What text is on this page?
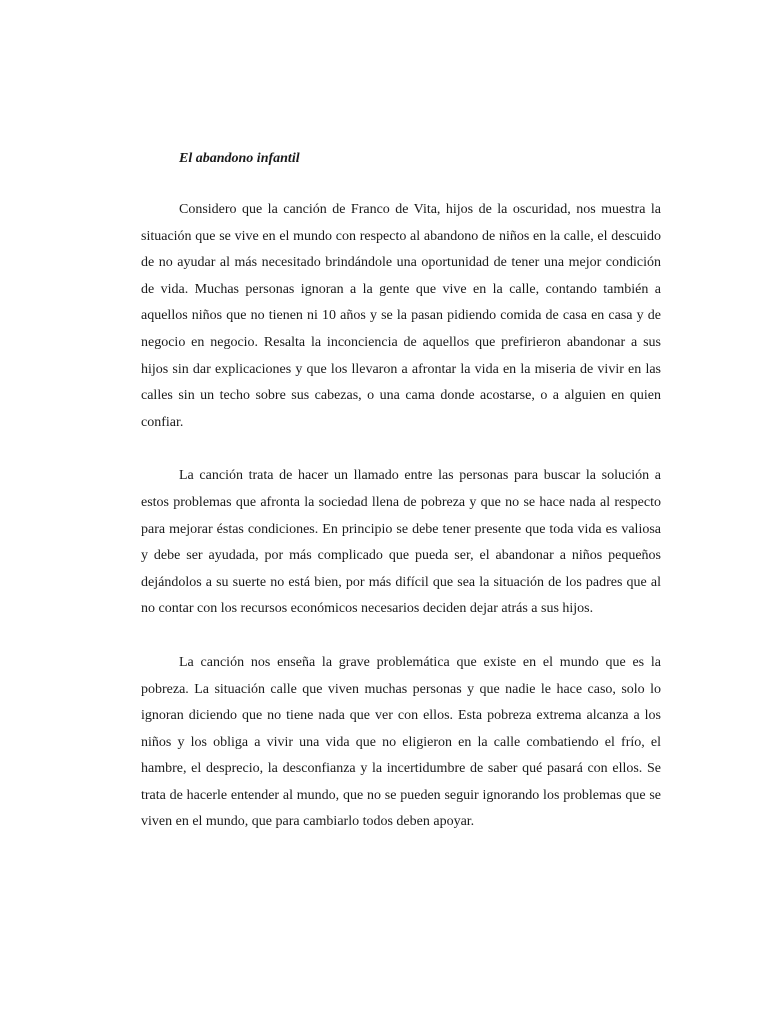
El abandono infantil

Considero que la canción de Franco de Vita, hijos de la oscuridad, nos muestra la situación que se vive en el mundo con respecto al abandono de niños en la calle, el descuido de no ayudar al más necesitado brindándole una oportunidad de tener una mejor condición de vida. Muchas personas ignoran a la gente que vive en la calle, contando también a aquellos niños que no tienen ni 10 años y se la pasan pidiendo comida de casa en casa y de negocio en negocio. Resalta la inconciencia de aquellos que prefirieron abandonar a sus hijos sin dar explicaciones y que los llevaron a afrontar la vida en la miseria de vivir en las calles sin un techo sobre sus cabezas, o una cama donde acostarse, o a alguien en quien confiar.

La canción trata de hacer un llamado entre las personas para buscar la solución a estos problemas que afronta la sociedad llena de pobreza y que no se hace nada al respecto para mejorar éstas condiciones. En principio se debe tener presente que toda vida es valiosa y debe ser ayudada, por más complicado que pueda ser, el abandonar a niños pequeños dejándolos a su suerte no está bien, por más difícil que sea la situación de los padres que al no contar con los recursos económicos necesarios deciden dejar atrás a sus hijos.

La canción nos enseña la grave problemática que existe en el mundo que es la pobreza. La situación calle que viven muchas personas y que nadie le hace caso, solo lo ignoran diciendo que no tiene nada que ver con ellos. Esta pobreza extrema alcanza a los niños y los obliga a vivir una vida que no eligieron en la calle combatiendo el frío, el hambre, el desprecio, la desconfianza y la incertidumbre de saber qué pasará con ellos. Se trata de hacerle entender al mundo, que no se pueden seguir ignorando los problemas que se viven en el mundo, que para cambiarlo todos deben apoyar.
